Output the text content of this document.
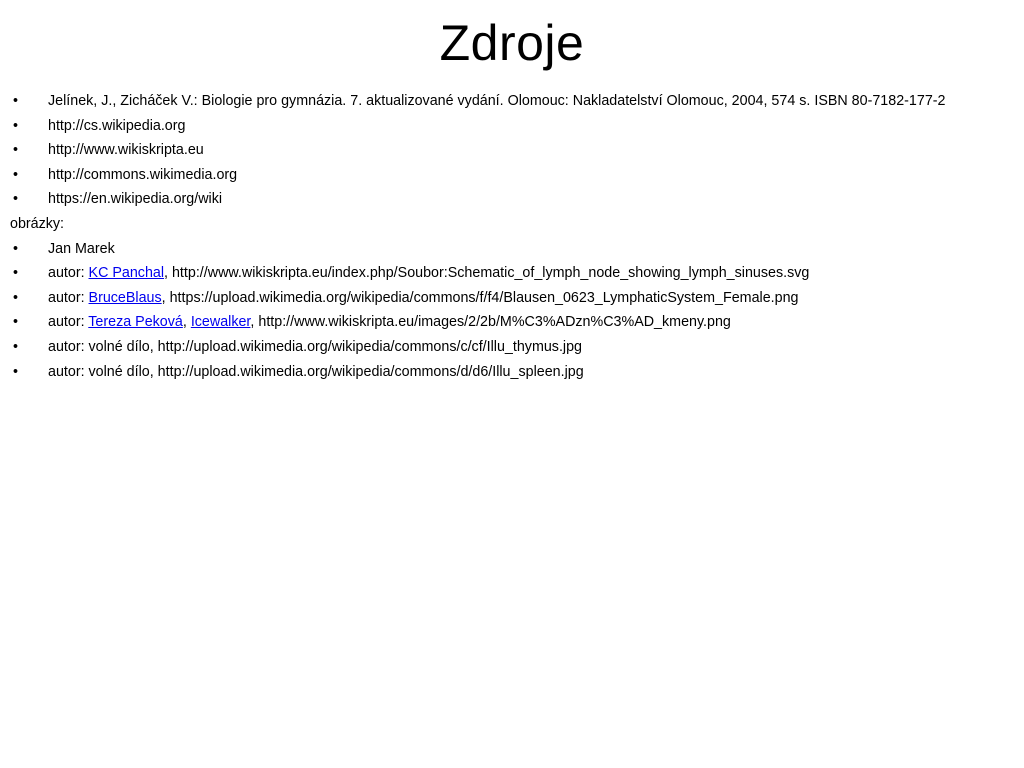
Zdroje
•	Jelínek, J., Zicháček V.: Biologie pro gymnázia. 7. aktualizované vydání. Olomouc: Nakladatelství Olomouc, 2004, 574 s. ISBN 80-7182-177-2
•	http://cs.wikipedia.org
•	http://www.wikiskripta.eu
•	http://commons.wikimedia.org
•	https://en.wikipedia.org/wiki
obrázky:
•	Jan Marek
•	autor: KC Panchal, http://www.wikiskripta.eu/index.php/Soubor:Schematic_of_lymph_node_showing_lymph_sinuses.svg
•	autor: BruceBlaus, https://upload.wikimedia.org/wikipedia/commons/f/f4/Blausen_0623_LymphaticSystem_Female.png
•	autor: Tereza Peková, Icewalker, http://www.wikiskripta.eu/images/2/2b/M%C3%ADzn%C3%AD_kmeny.png
•	autor: volné dílo, http://upload.wikimedia.org/wikipedia/commons/c/cf/Illu_thymus.jpg
•	autor: volné dílo, http://upload.wikimedia.org/wikipedia/commons/d/d6/Illu_spleen.jpg
